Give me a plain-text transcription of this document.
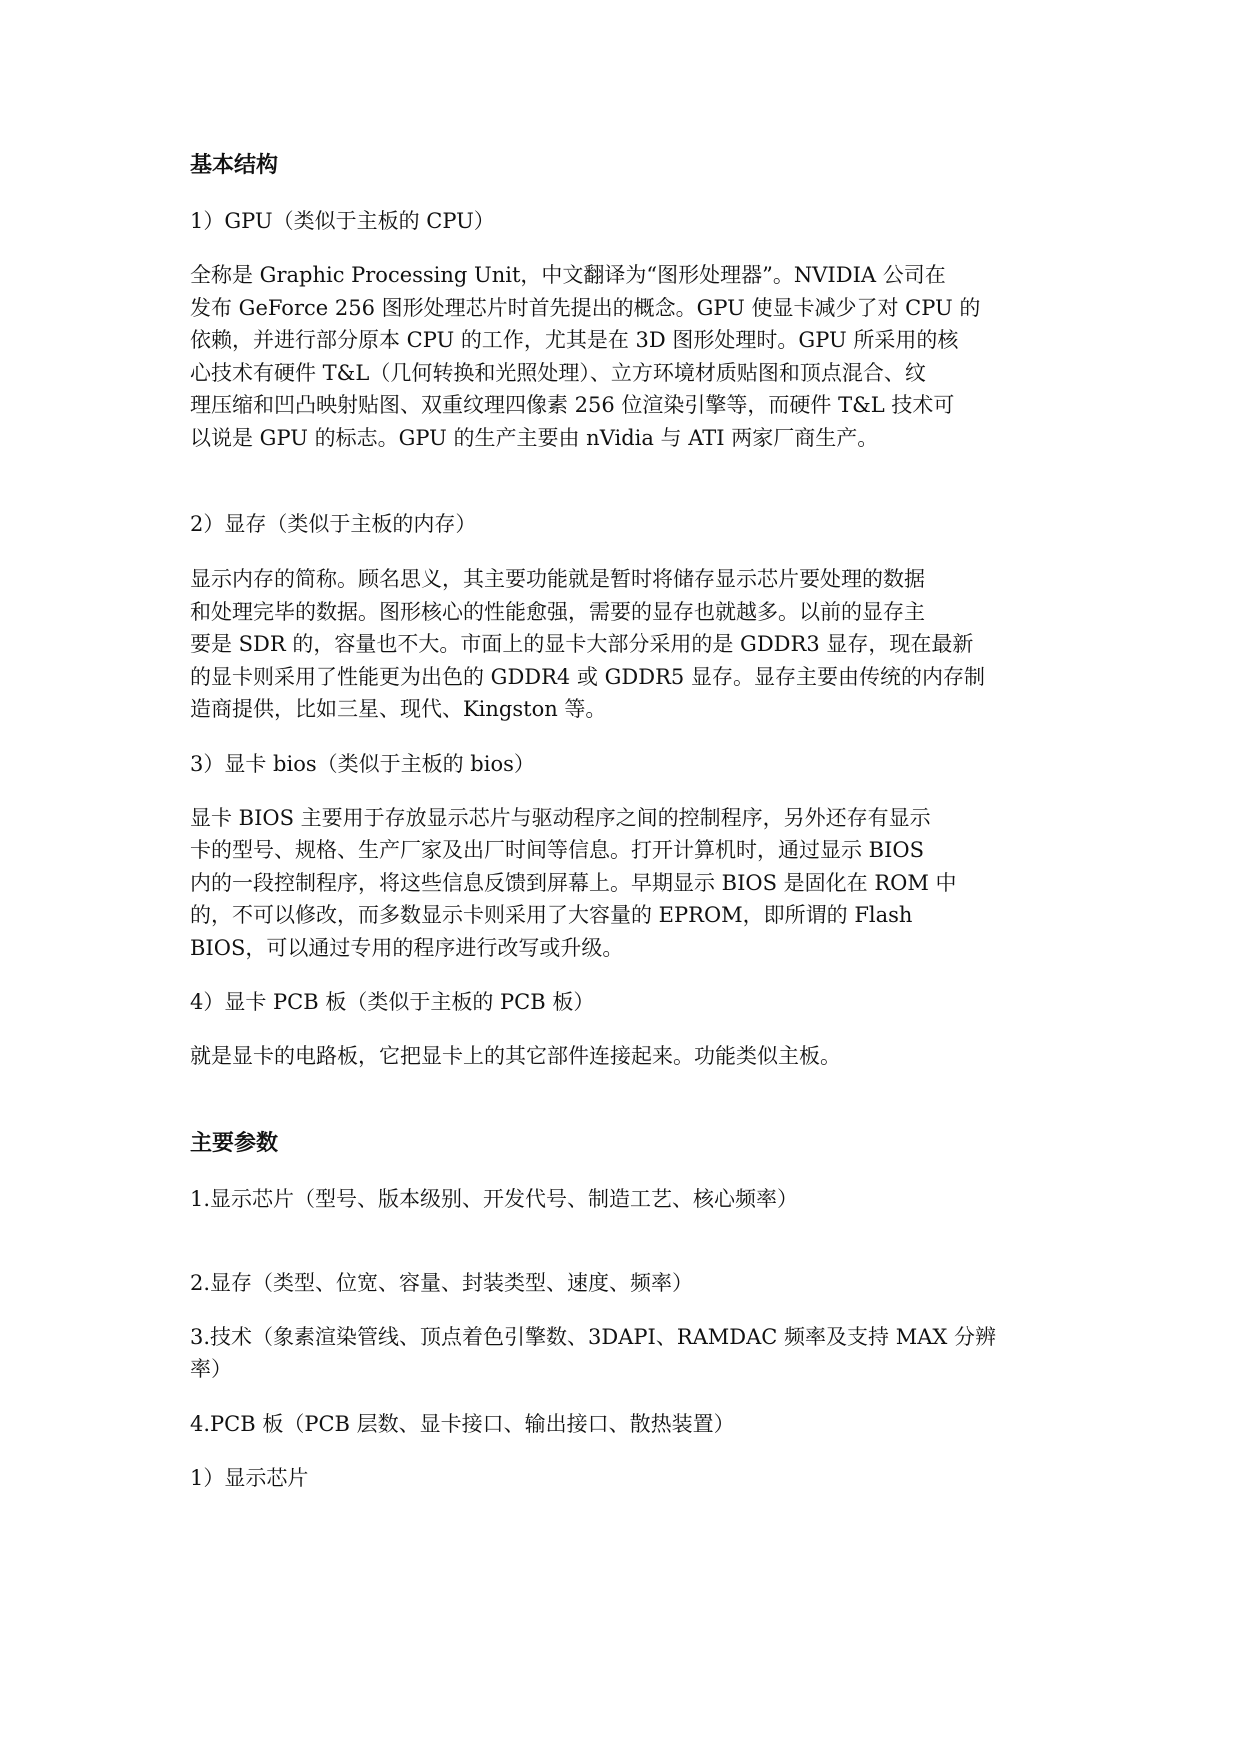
基本结构

1）GPU（类似于主板的 CPU）

全称是 Graphic Processing Unit，中文翻译为“图形处理器”。NVIDIA 公司在
发布 GeForce 256 图形处理芯片时首先提出的概念。GPU 使显卡减少了对 CPU 的
依赖，并进行部分原本 CPU 的工作，尤其是在 3D 图形处理时。GPU 所采用的核
心技术有硬件 T&L（几何转换和光照处理）、立方环境材质贴图和顶点混合、纹
理压缩和凹凸映射贴图、双重纹理四像素 256 位渲染引擎等，而硬件 T&L 技术可
以说是 GPU 的标志。GPU 的生产主要由 nVidia 与 ATI 两家厂商生产。

2）显存（类似于主板的内存）

显示内存的简称。顾名思义，其主要功能就是暂时将储存显示芯片要处理的数据
和处理完毕的数据。图形核心的性能愈强，需要的显存也就越多。以前的显存主
要是 SDR 的，容量也不大。市面上的显卡大部分采用的是 GDDR3 显存，现在最新
的显卡则采用了性能更为出色的 GDDR4 或 GDDR5 显存。显存主要由传统的内存制
造商提供，比如三星、现代、Kingston 等。

3）显卡 bios（类似于主板的 bios）

显卡 BIOS 主要用于存放显示芯片与驱动程序之间的控制程序，另外还存有显示
卡的型号、规格、生产厂家及出厂时间等信息。打开计算机时，通过显示 BIOS
内的一段控制程序，将这些信息反馈到屏幕上。早期显示 BIOS 是固化在 ROM 中
的，不可以修改，而多数显示卡则采用了大容量的 EPROM，即所谓的 Flash
BIOS，可以通过专用的程序进行改写或升级。

4）显卡 PCB 板（类似于主板的 PCB 板）

就是显卡的电路板，它把显卡上的其它部件连接起来。功能类似主板。

主要参数

1.显示芯片（型号、版本级别、开发代号、制造工艺、核心频率）

2.显存（类型、位宽、容量、封装类型、速度、频率）

3.技术（象素渲染管线、顶点着色引擎数、3DAPI、RAMDAC 频率及支持 MAX 分辨
率）

4.PCB 板（PCB 层数、显卡接口、输出接口、散热装置）

1）显示芯片
